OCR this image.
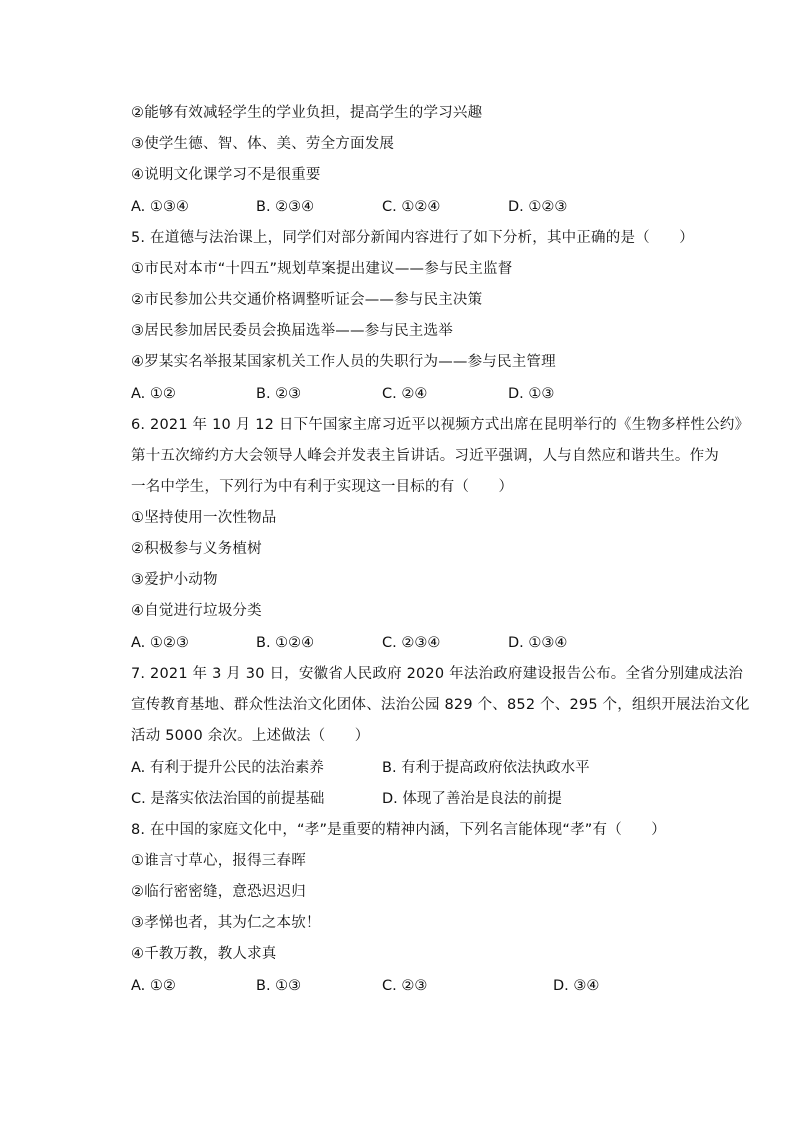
②能够有效减轻学生的学业负担，提高学生的学习兴趣
③使学生德、智、体、美、劳全方面发展
④说明文化课学习不是很重要
A. ①③④	B. ②③④	C. ①②④	D. ①②③
5. 在道德与法治课上，同学们对部分新闻内容进行了如下分析，其中正确的是（　　）
①市民对本市“十四五”规划草案提出建议——参与民主监督
②市民参加公共交通价格调整听证会——参与民主决策
③居民参加居民委员会换届选举——参与民主选举
④罗某实名举报某国家机关工作人员的失职行为——参与民主管理
A. ①②	B. ②③	C. ②④	D. ①③
6. 2021 年 10 月 12 日下午国家主席习近平以视频方式出席在昆明举行的《生物多样性公约》
第十五次缔约方大会领导人峰会并发表主旨讲话。习近平强调，人与自然应和谐共生。作为
一名中学生，下列行为中有利于实现这一目标的有（　　）
①坚持使用一次性物品
②积极参与义务植树
③爱护小动物
④自觉进行垃圾分类
A. ①②③	B. ①②④	C. ②③④	D. ①③④
7. 2021 年 3 月 30 日，安徽省人民政府 2020 年法治政府建设报告公布。全省分别建成法治
宣传教育基地、群众性法治文化团体、法治公园 829 个、852 个、295 个，组织开展法治文化
活动 5000 余次。上述做法（　　）
A. 有利于提升公民的法治素养	B. 有利于提高政府依法执政水平
C. 是落实依法治国的前提基础	D. 体现了善治是良法的前提
8. 在中国的家庭文化中，“孝”是重要的精神内涵，下列名言能体现“孝”有（　　）
①谁言寸草心，报得三春晖
②临行密密缝，意恐迟迟归
③孝悌也者，其为仁之本欤！
④千教万教，教人求真
A. ①②	B. ①③	C. ②③	D. ③④
